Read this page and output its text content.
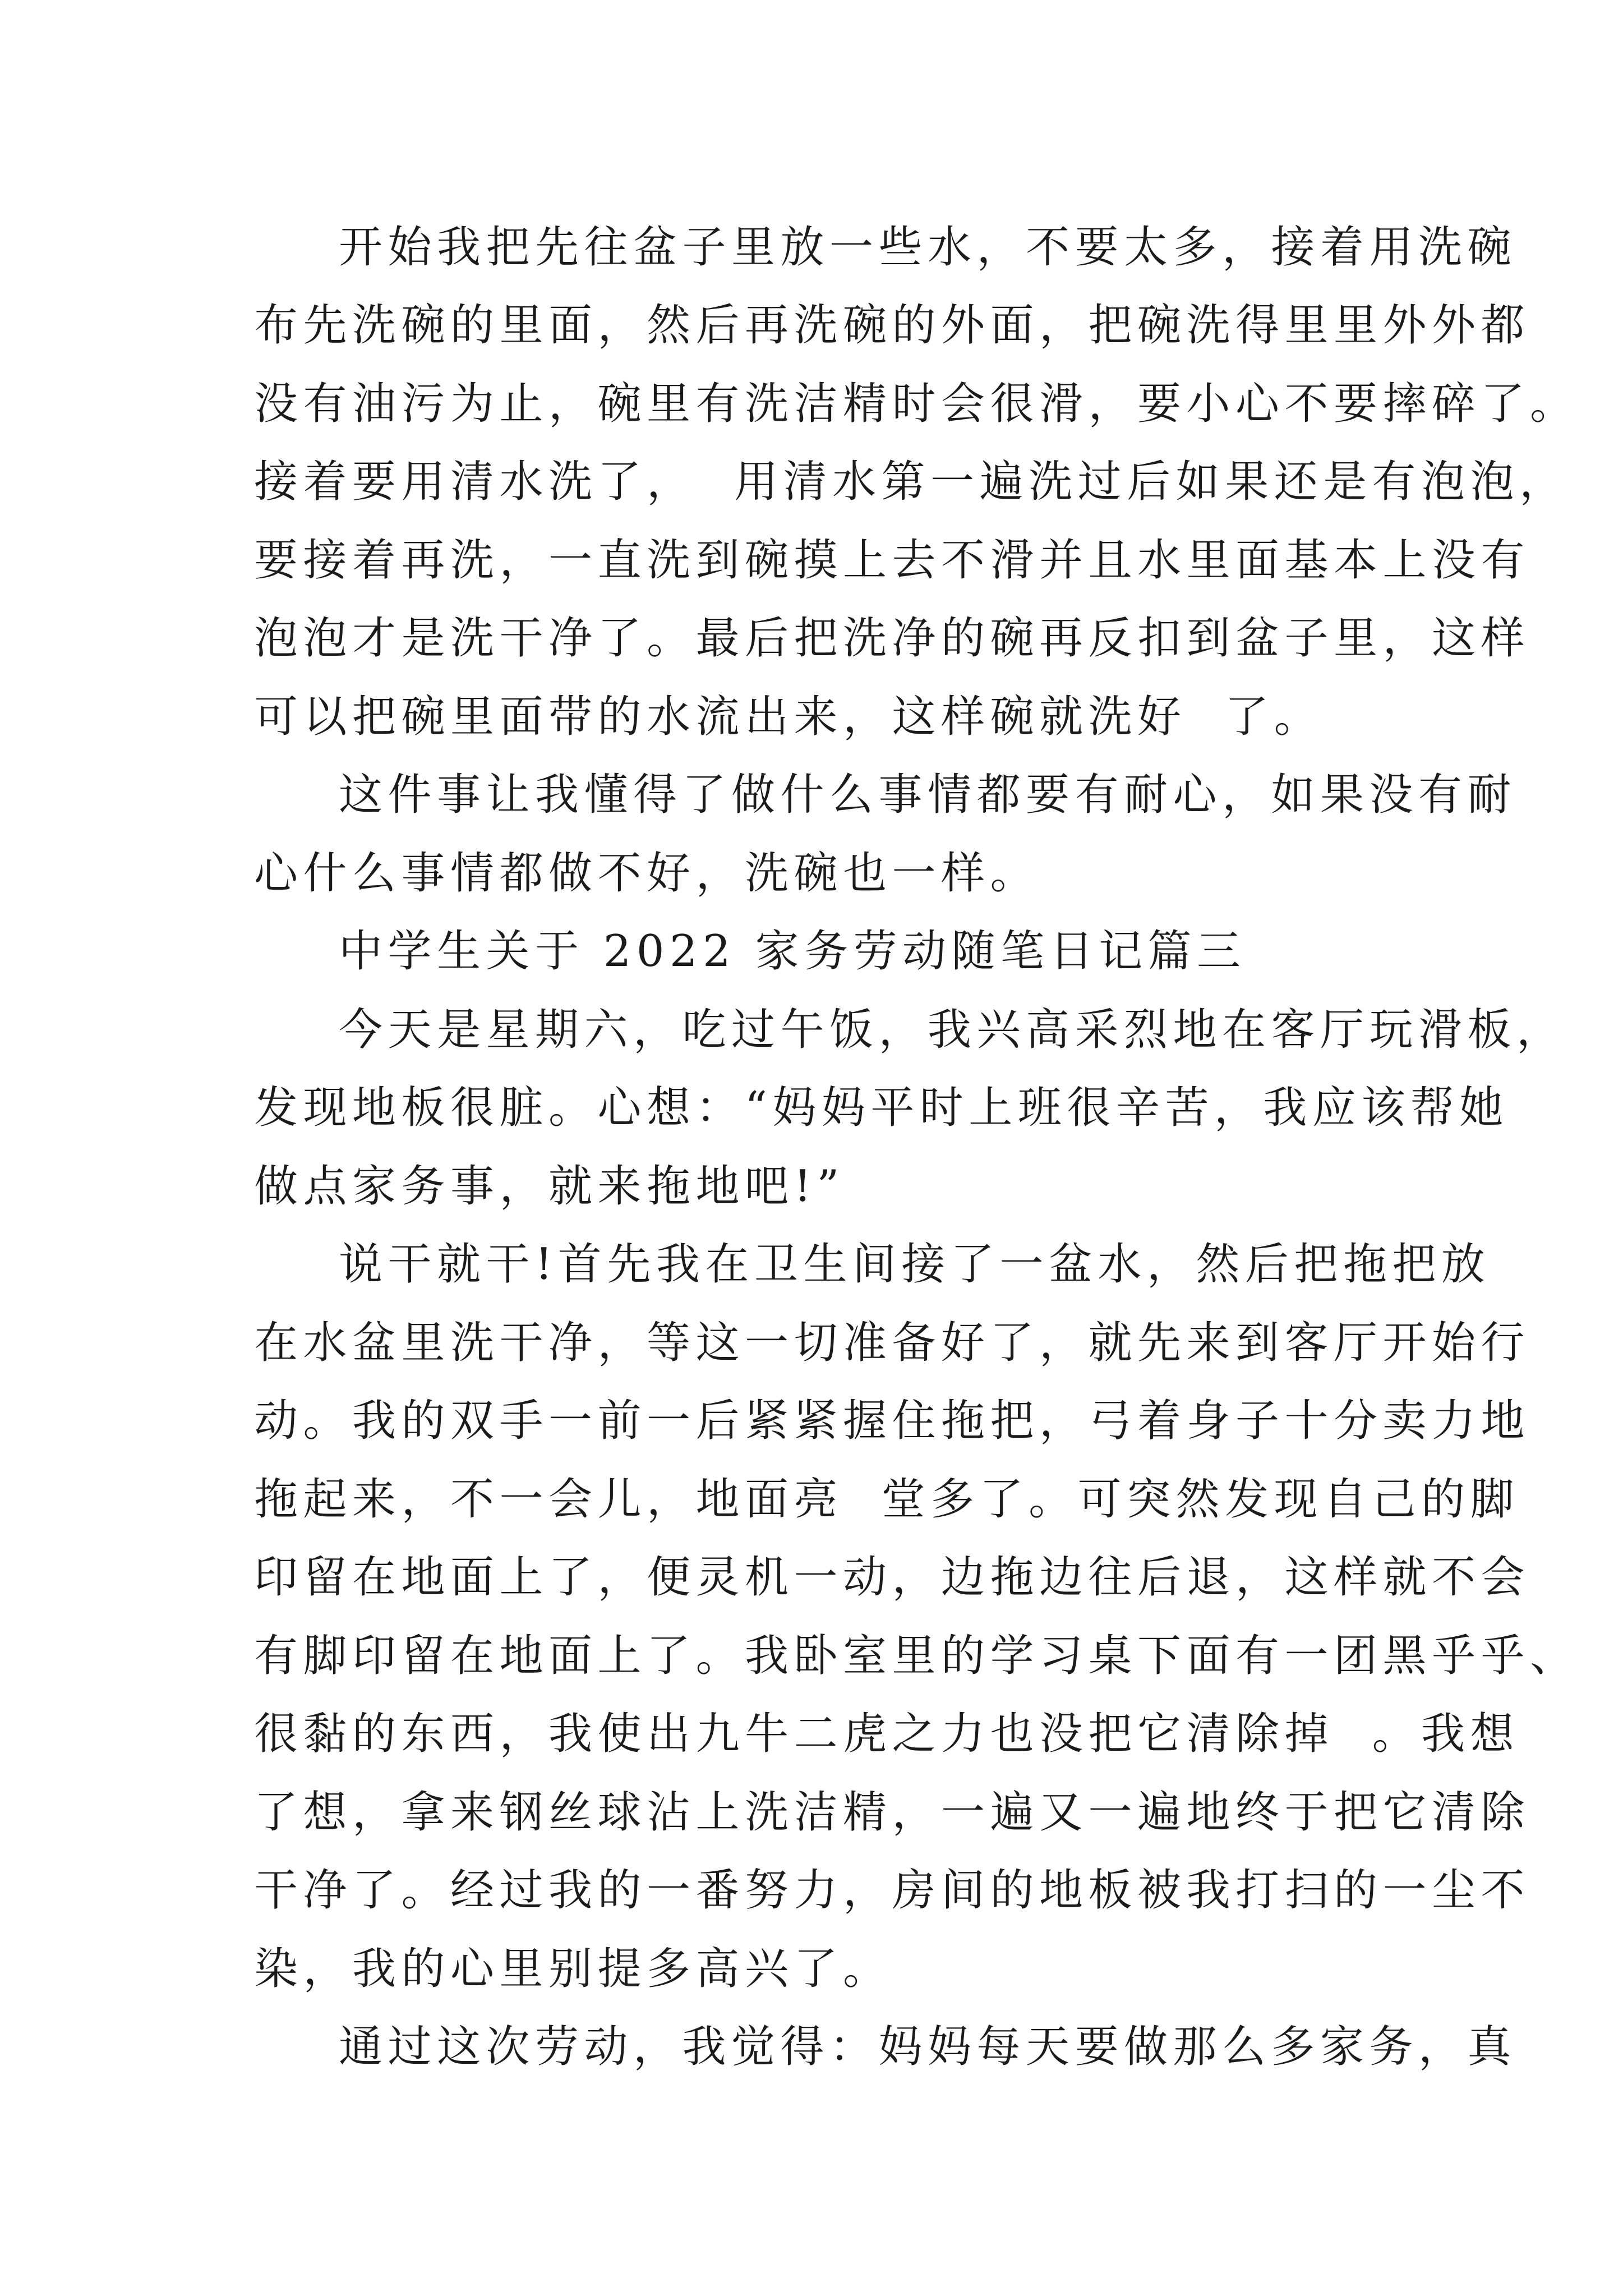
开始我把先往盆子里放一些水，不要太多，接着用洗碗
布先洗碗的里面，然后再洗碗的外面，把碗洗得里里外外都
没有油污为止，碗里有洗洁精时会很滑，要小心不要摔碎了。
接着要用清水洗了，  用清水第一遍洗过后如果还是有泡泡，
要接着再洗，一直洗到碗摸上去不滑并且水里面基本上没有
泡泡才是洗干净了。最后把洗净的碗再反扣到盆子里，这样
可以把碗里面带的水流出来，这样碗就洗好  了。
这件事让我懂得了做什么事情都要有耐心，如果没有耐
心什么事情都做不好，洗碗也一样。
中学生关于 2022 家务劳动随笔日记篇三
今天是星期六，吃过午饭，我兴高采烈地在客厅玩滑板，
发现地板很脏。心想：“妈妈平时上班很辛苦，我应该帮她
做点家务事，就来拖地吧!”
说干就干!首先我在卫生间接了一盆水，然后把拖把放
在水盆里洗干净，等这一切准备好了，就先来到客厅开始行
动。我的双手一前一后紧紧握住拖把，弓着身子十分卖力地
拖起来，不一会儿，地面亮  堂多了。可突然发现自己的脚
印留在地面上了，便灵机一动，边拖边往后退，这样就不会
有脚印留在地面上了。我卧室里的学习桌下面有一团黑乎乎、
很黏的东西，我使出九牛二虎之力也没把它清除掉  。我想
了想，拿来钢丝球沾上洗洁精，一遍又一遍地终于把它清除
干净了。经过我的一番努力，房间的地板被我打扫的一尘不
染，我的心里别提多高兴了。
通过这次劳动，我觉得：妈妈每天要做那么多家务，真
